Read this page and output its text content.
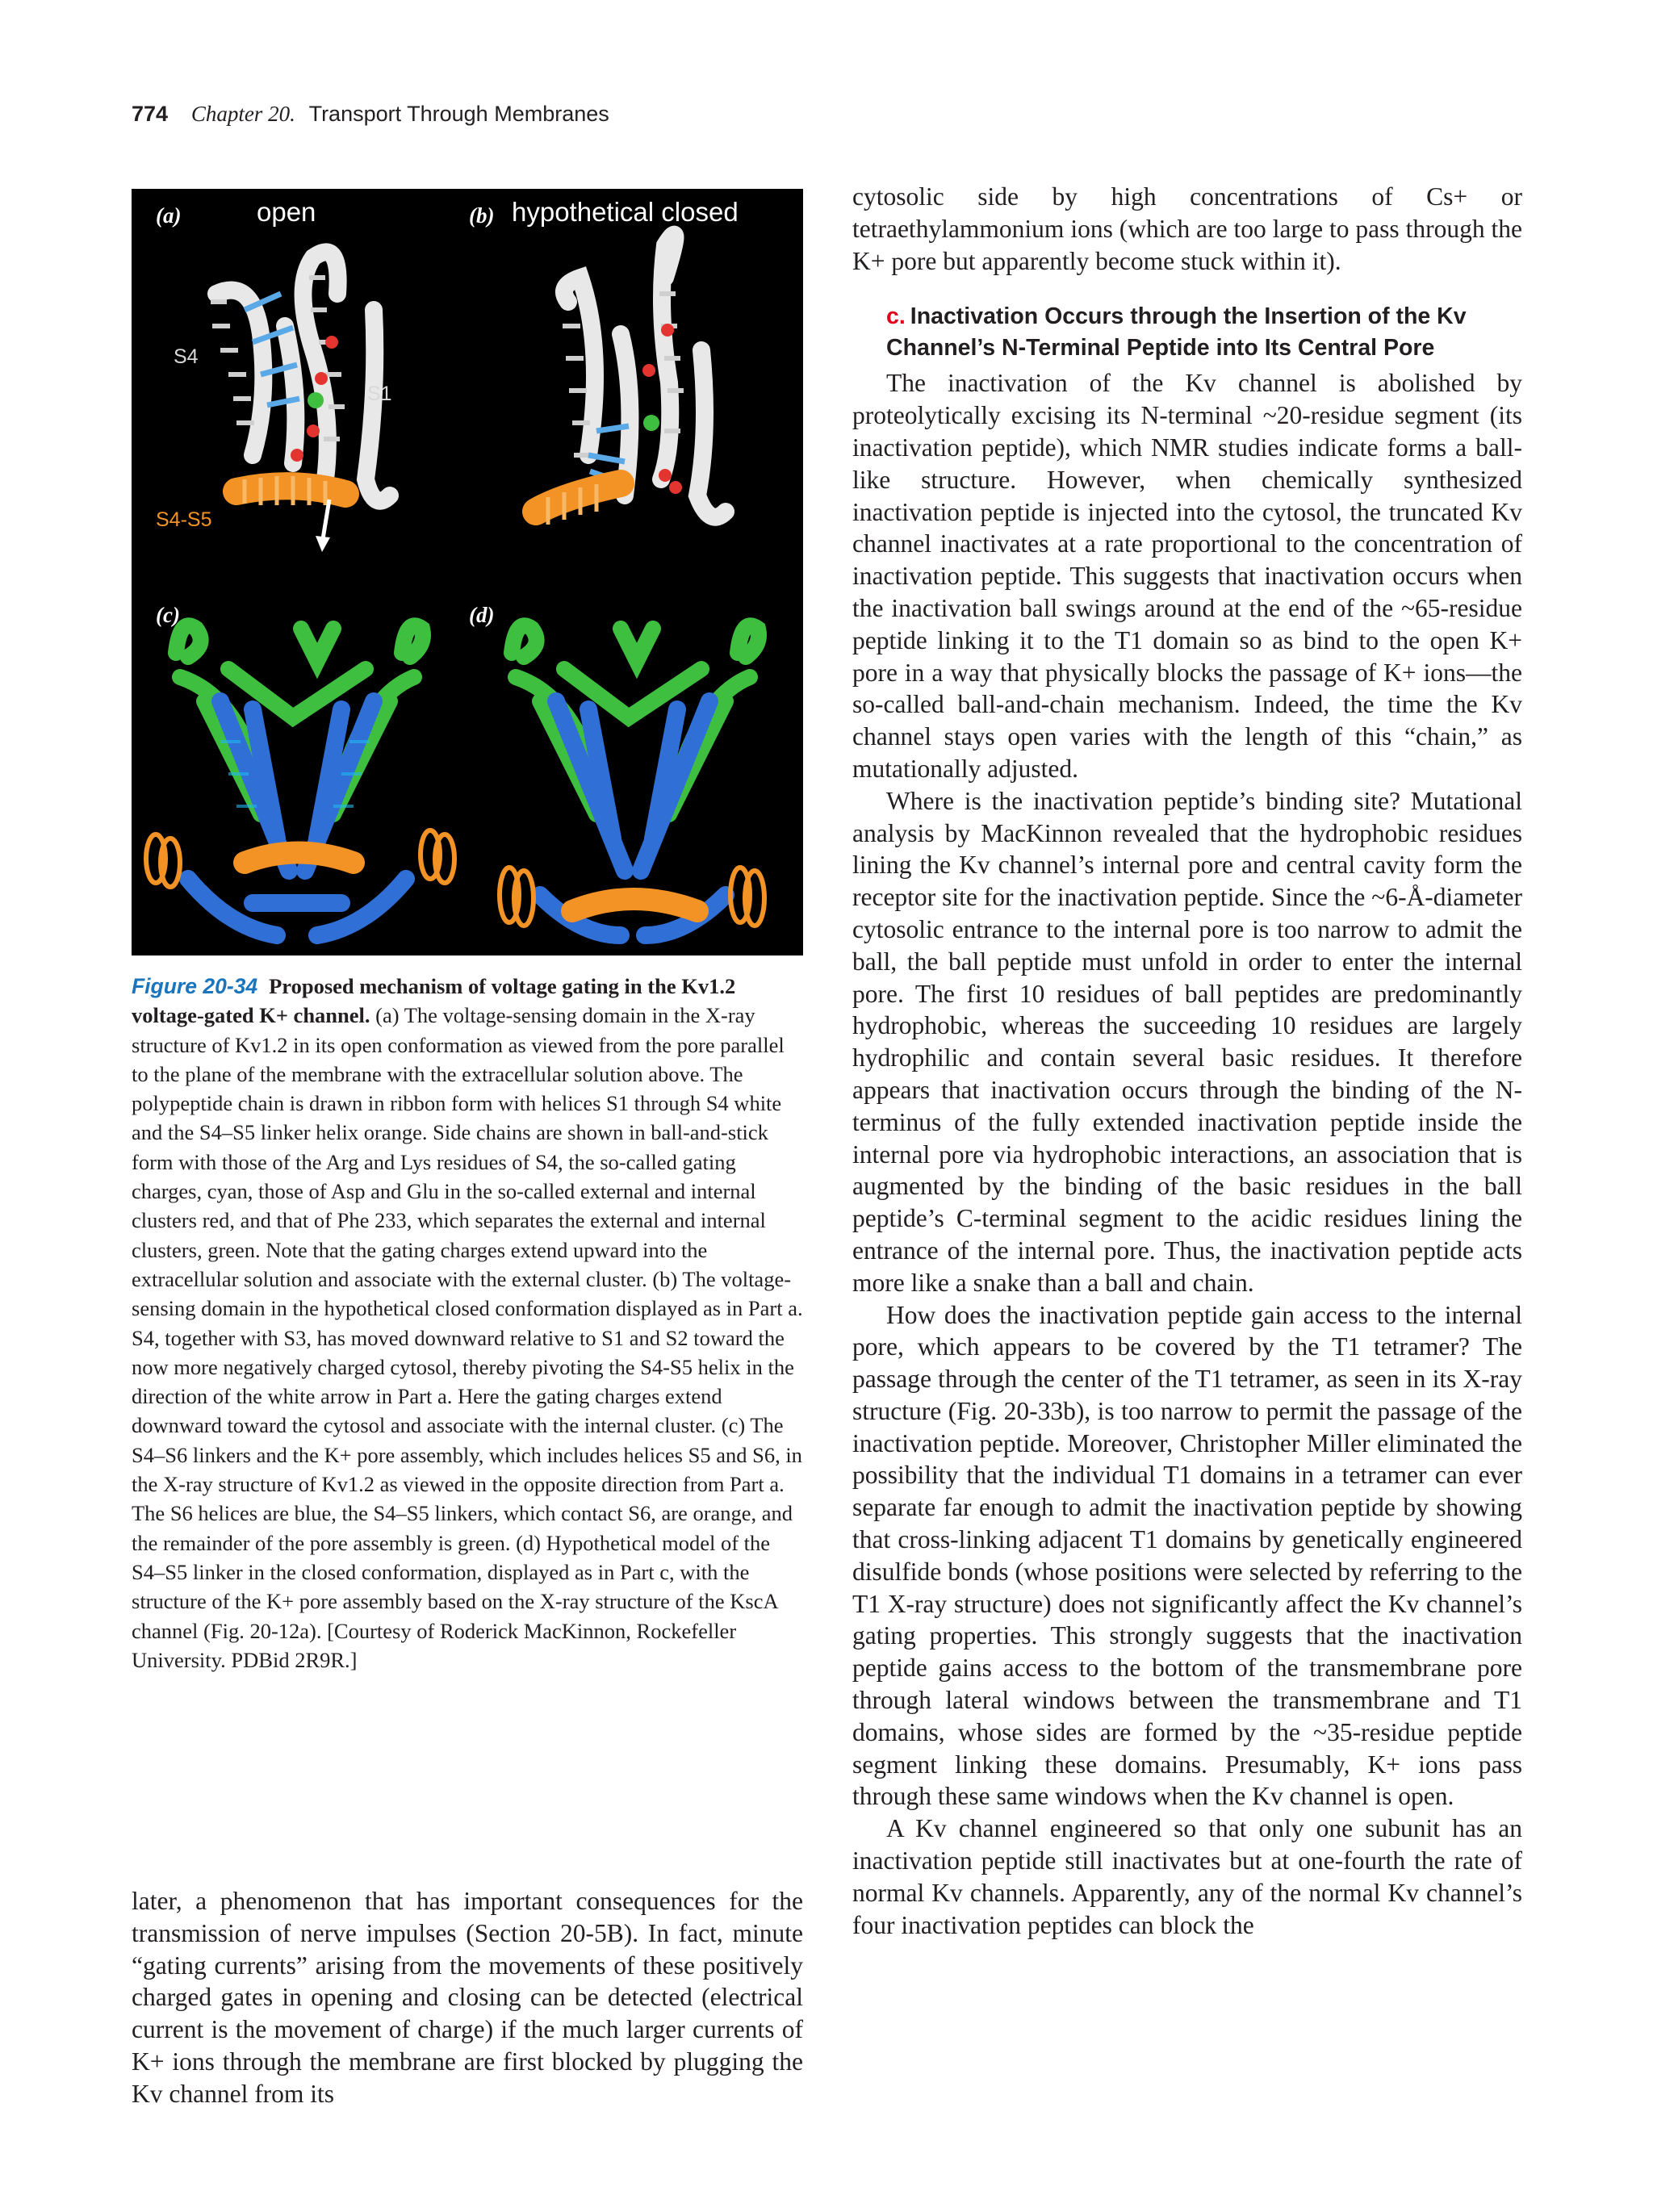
774 Chapter 20. Transport Through Membranes
(a)	open
S4
S1
S4-S5
(b) hypothetical closed
(c)	(d)
Figure 20-34 Proposed mechanism of voltage gating in the Kv1.2 voltage-gated K+ channel. (a) The voltage-sensing domain in the X-ray structure of Kv1.2 in its open conformation as viewed from the pore parallel to the plane of the membrane with the extracellular solution above. The polypeptide chain is drawn in ribbon form with helices S1 through S4 white and the S4–S5 linker helix orange. Side chains are shown in ball-and-stick form with those of the Arg and Lys residues of S4, the so-called gating charges, cyan, those of Asp and Glu in the so-called external and internal clusters red, and that of Phe 233, which separates the external and internal clusters, green. Note that the gating charges extend upward into the extracellular solution and associate with the external cluster. (b) The voltage-sensing domain in the hypothetical closed conformation displayed as in Part a. S4, together with S3, has moved downward relative to S1 and S2 toward the now more negatively charged cytosol, thereby pivoting the S4-S5 helix in the direction of the white arrow in Part a. Here the gating charges extend downward toward the cytosol and associate with the internal cluster. (c) The S4–S6 linkers and the K+ pore assembly, which includes helices S5 and S6, in the X-ray structure of Kv1.2 as viewed in the opposite direction from Part a. The S6 helices are blue, the S4–S5 linkers, which contact S6, are orange, and the remainder of the pore assembly is green. (d) Hypothetical model of the S4–S5 linker in the closed conformation, displayed as in Part c, with the structure of the K+ pore assembly based on the X-ray structure of the KscA channel (Fig. 20-12a). [Courtesy of Roderick MacKinnon, Rockefeller University. PDBid 2R9R.]

later, a phenomenon that has important consequences for the transmission of nerve impulses (Section 20-5B). In fact, minute “gating currents” arising from the movements of these positively charged gates in opening and closing can be detected (electrical current is the movement of charge) if the much larger currents of K+ ions through the membrane are first blocked by plugging the Kv channel from its

cytosolic side by high concentrations of Cs+ or tetraethylammonium ions (which are too large to pass through the K+ pore but apparently become stuck within it).

c. Inactivation Occurs through the Insertion of the Kv Channel’s N-Terminal Peptide into Its Central Pore

The inactivation of the Kv channel is abolished by proteolytically excising its N-terminal ~20-residue segment (its inactivation peptide), which NMR studies indicate forms a ball-like structure. However, when chemically synthesized inactivation peptide is injected into the cytosol, the truncated Kv channel inactivates at a rate proportional to the concentration of inactivation peptide. This suggests that inactivation occurs when the inactivation ball swings around at the end of the ~65-residue peptide linking it to the T1 domain so as bind to the open K+ pore in a way that physically blocks the passage of K+ ions—the so-called ball-and-chain mechanism. Indeed, the time the Kv channel stays open varies with the length of this “chain,” as mutationally adjusted.

Where is the inactivation peptide’s binding site? Mutational analysis by MacKinnon revealed that the hydrophobic residues lining the Kv channel’s internal pore and central cavity form the receptor site for the inactivation peptide. Since the ~6-Å-diameter cytosolic entrance to the internal pore is too narrow to admit the ball, the ball peptide must unfold in order to enter the internal pore. The first 10 residues of ball peptides are predominantly hydrophobic, whereas the succeeding 10 residues are largely hydrophilic and contain several basic residues. It therefore appears that inactivation occurs through the binding of the N-terminus of the fully extended inactivation peptide inside the internal pore via hydrophobic interactions, an association that is augmented by the binding of the basic residues in the ball peptide’s C-terminal segment to the acidic residues lining the entrance of the internal pore. Thus, the inactivation peptide acts more like a snake than a ball and chain.

How does the inactivation peptide gain access to the internal pore, which appears to be covered by the T1 tetramer? The passage through the center of the T1 tetramer, as seen in its X-ray structure (Fig. 20-33b), is too narrow to permit the passage of the inactivation peptide. Moreover, Christopher Miller eliminated the possibility that the individual T1 domains in a tetramer can ever separate far enough to admit the inactivation peptide by showing that cross-linking adjacent T1 domains by genetically engineered disulfide bonds (whose positions were selected by referring to the T1 X-ray structure) does not significantly affect the Kv channel’s gating properties. This strongly suggests that the inactivation peptide gains access to the bottom of the transmembrane pore through lateral windows between the transmembrane and T1 domains, whose sides are formed by the ~35-residue peptide segment linking these domains. Presumably, K+ ions pass through these same windows when the Kv channel is open.

A Kv channel engineered so that only one subunit has an inactivation peptide still inactivates but at one-fourth the rate of normal Kv channels. Apparently, any of the normal Kv channel’s four inactivation peptides can block the
